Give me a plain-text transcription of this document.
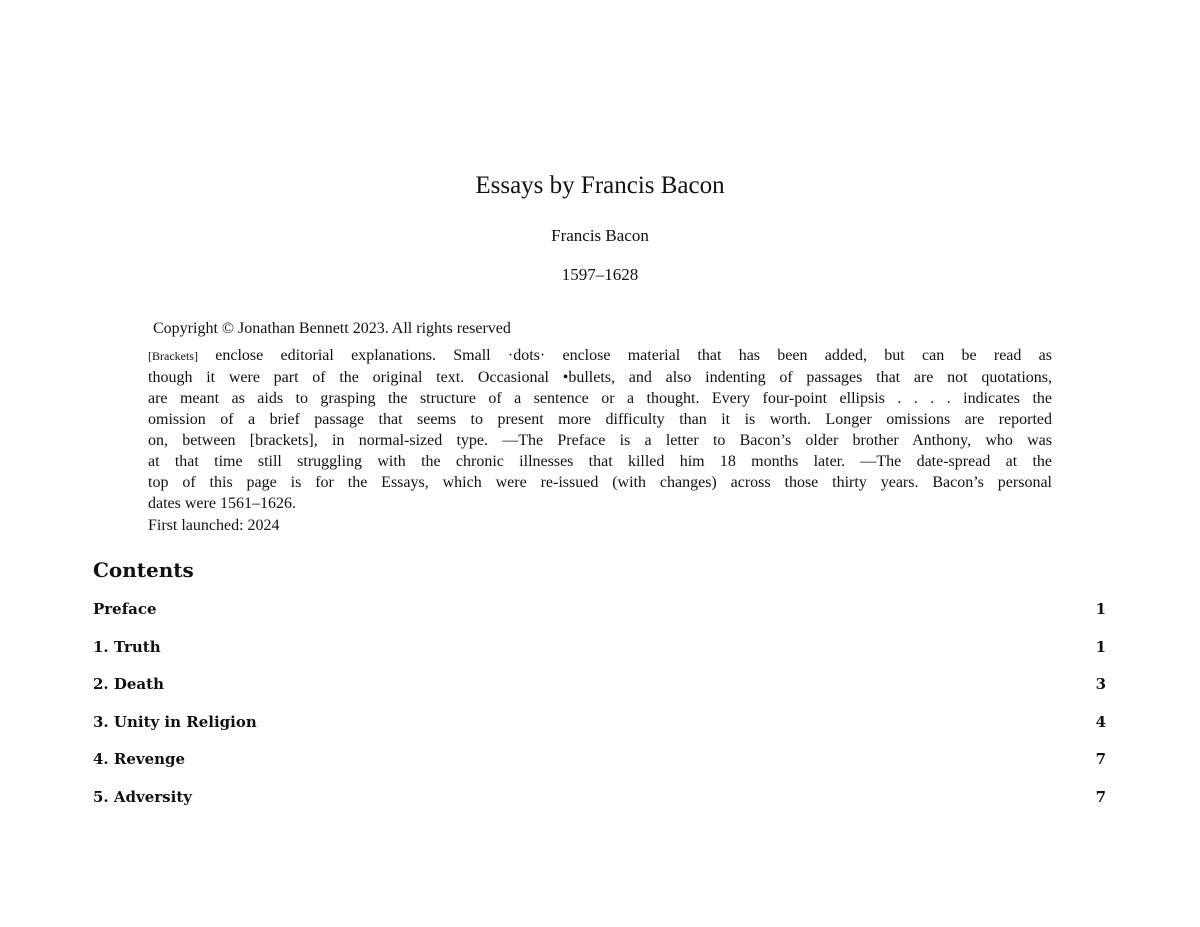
Essays by Francis Bacon
Francis Bacon
1597–1628
Copyright © Jonathan Bennett 2023. All rights reserved
[Brackets] enclose editorial explanations. Small ·dots· enclose material that has been added, but can be read as
though it were part of the original text. Occasional •bullets, and also indenting of passages that are not quotations,
are meant as aids to grasping the structure of a sentence or a thought. Every four-point ellipsis . . . . indicates the
omission of a brief passage that seems to present more difficulty than it is worth. Longer omissions are reported
on, between [brackets], in normal-sized type. —The Preface is a letter to Bacon’s older brother Anthony, who was
at that time still struggling with the chronic illnesses that killed him 18 months later. —The date-spread at the
top of this page is for the Essays, which were re-issued (with changes) across those thirty years. Bacon’s personal
dates were 1561–1626.
First launched: 2024
Contents
Preface	1
1. Truth	1
2. Death	3
3. Unity in Religion	4
4. Revenge	7
5. Adversity	7
